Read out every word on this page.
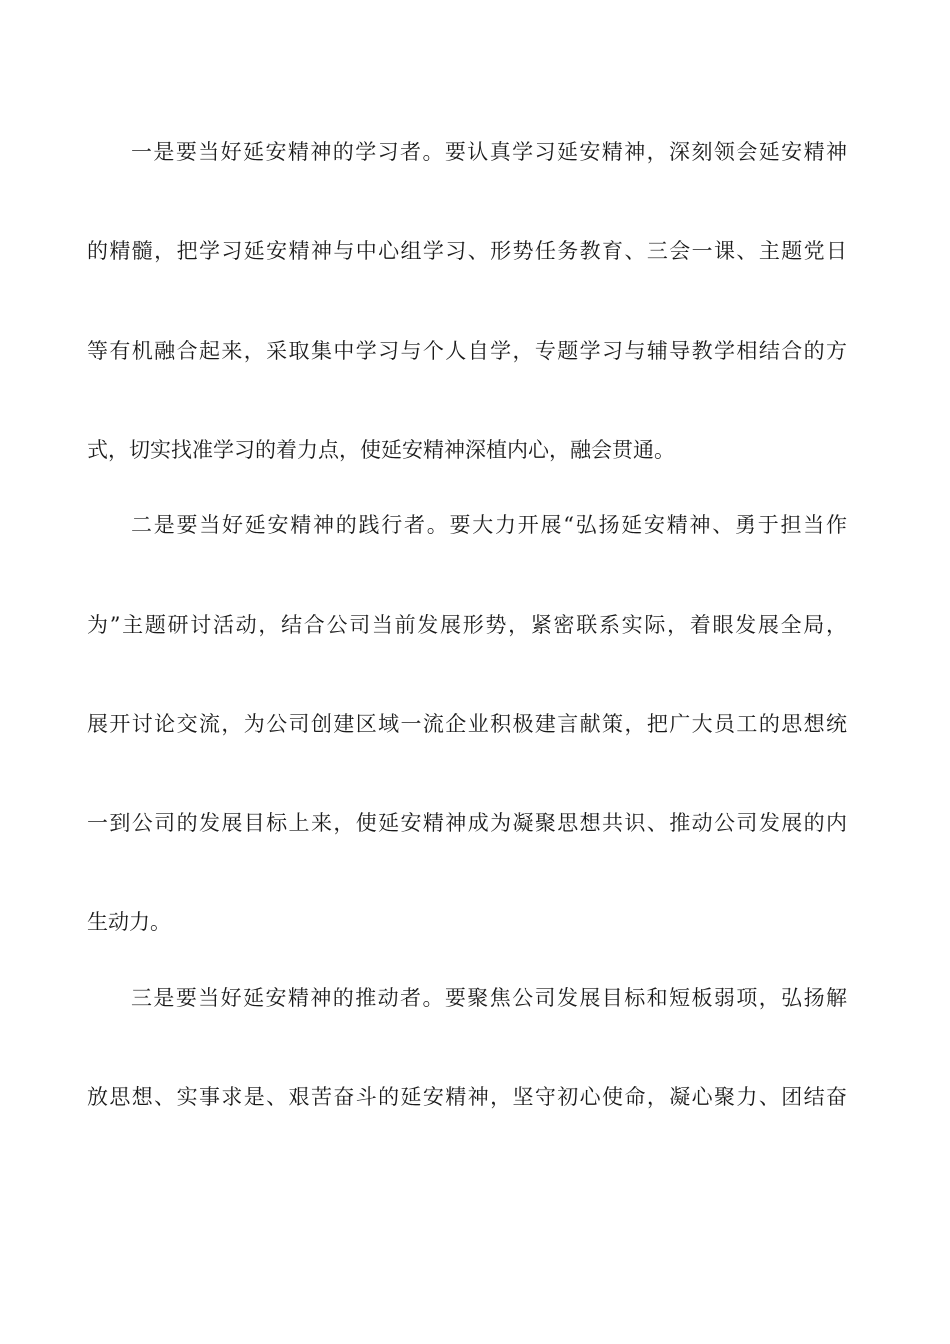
一是要当好延安精神的学习者。要认真学习延安精神，深刻领会延安精神

的精髓，把学习延安精神与中心组学习、形势任务教育、三会一课、主题党日

等有机融合起来，采取集中学习与个人自学，专题学习与辅导教学相结合的方

式，切实找准学习的着力点，使延安精神深植内心，融会贯通。

二是要当好延安精神的践行者。要大力开展“弘扬延安精神、勇于担当作

为”主题研讨活动，结合公司当前发展形势，紧密联系实际，着眼发展全局，

展开讨论交流，为公司创建区域一流企业积极建言献策，把广大员工的思想统

一到公司的发展目标上来，使延安精神成为凝聚思想共识、推动公司发展的内

生动力。

三是要当好延安精神的推动者。要聚焦公司发展目标和短板弱项，弘扬解

放思想、实事求是、艰苦奋斗的延安精神，坚守初心使命，凝心聚力、团结奋
